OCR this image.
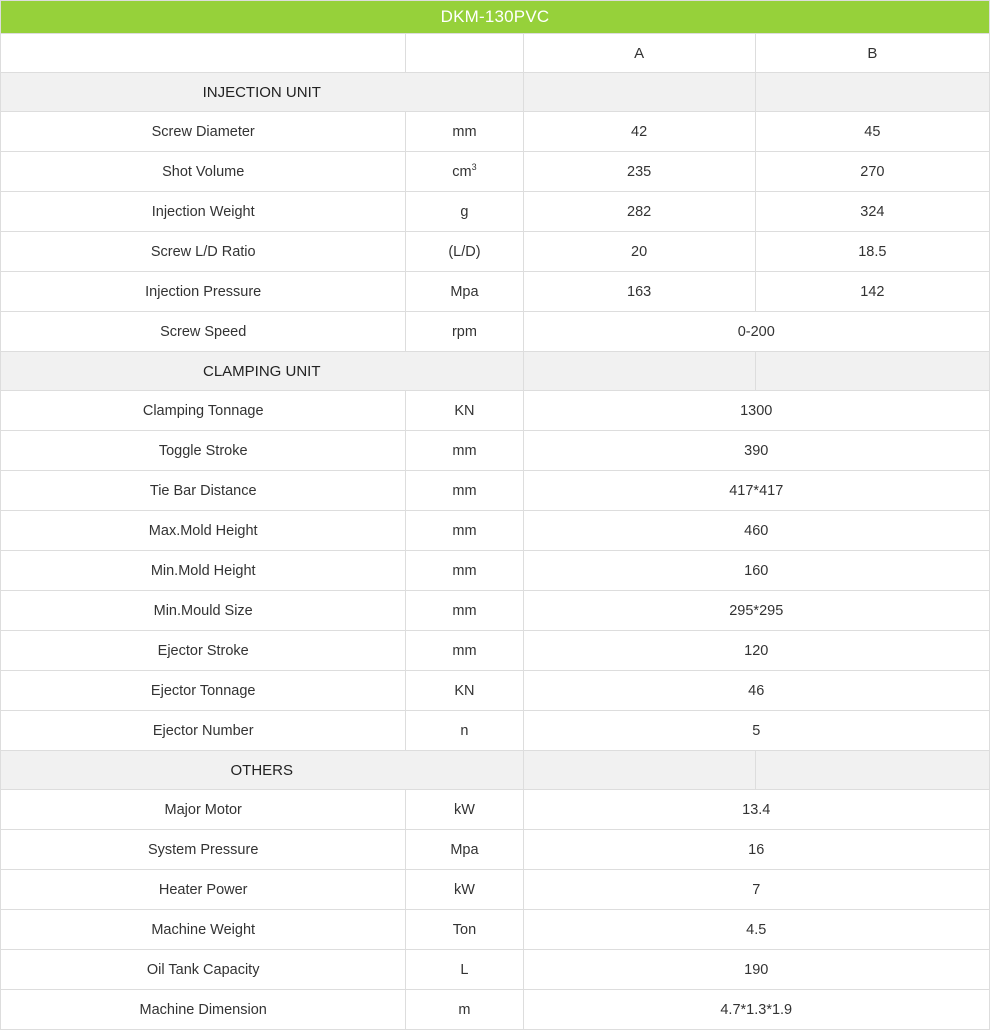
DKM-130PVC			
		A	B
INJECTION UNIT			
Screw Diameter	mm	42	45
Shot Volume	$cm^3$	235	270
Injection Weight	g	282	324
Screw L/D Ratio	(L/D)	20	18.5
Injection Pressure	Mpa	163	142
Screw Speed	rpm	0-200	
CLAMPING UNIT			
Clamping Tonnage	KN	1300	
Toggle Stroke	mm	390	
Tie Bar Distance	mm	417*417	
Max.Mold Height	mm	460	
Min.Mold Height	mm	160	
Min.Mould Size	mm	295*295	
Ejector Stroke	mm	120	
Ejector Tonnage	KN	46	
Ejector Number	n	5	
OTHERS			
Major Motor	kW	13.4	
System Pressure	Mpa	16	
Heater Power	kW	7	
Machine Weight	Ton	4.5	
Oil Tank Capacity	L	190	
Machine Dimension	m	4.7*1.3*1.9	
